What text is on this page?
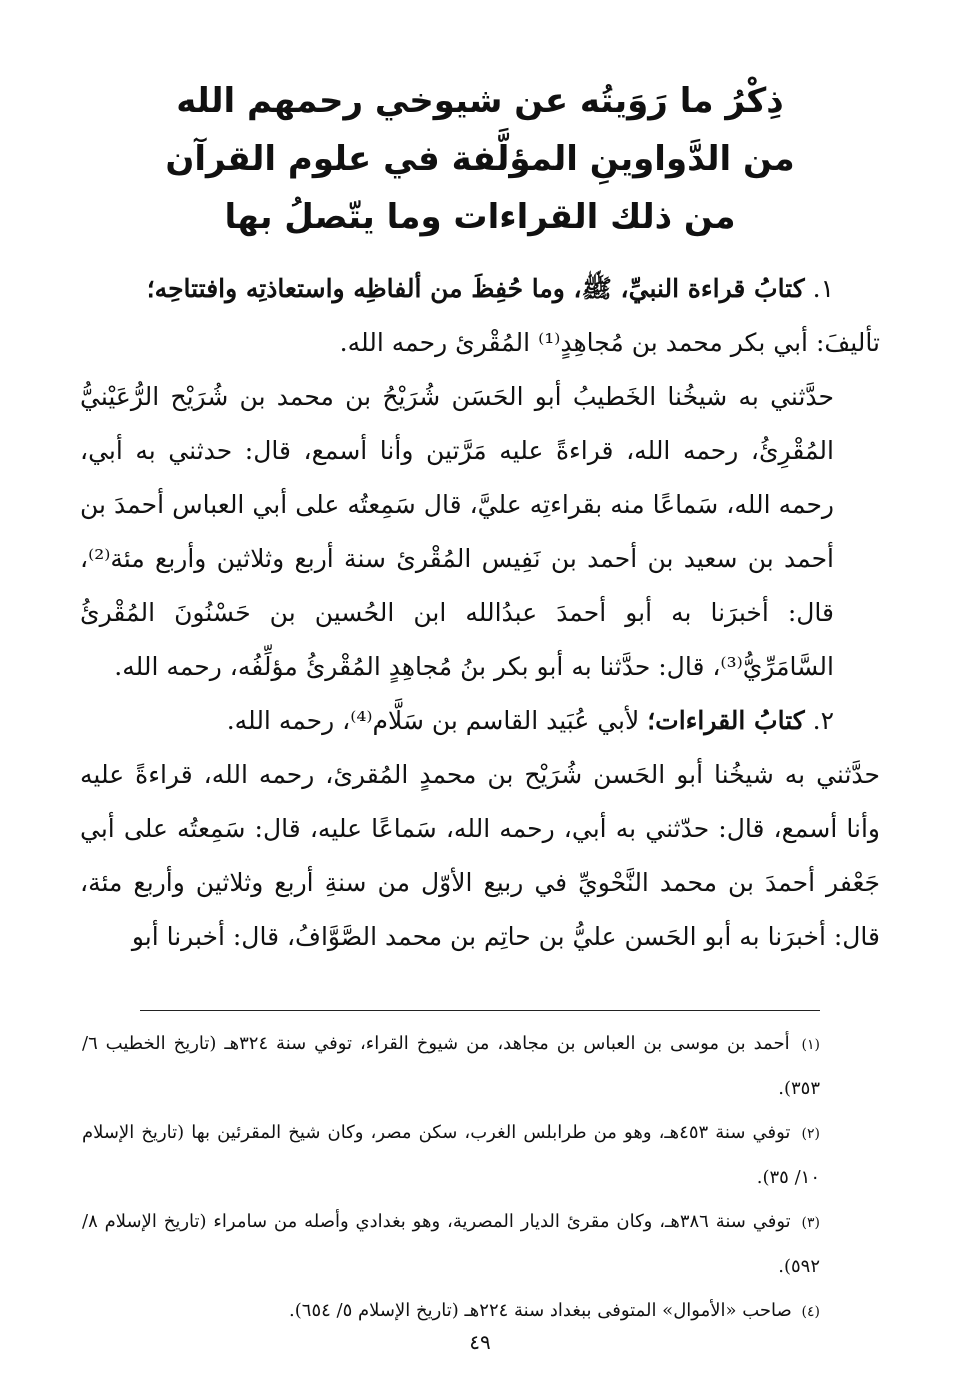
ذِكْرُ ما رَوَيتُه عن شيوخي رحمهم الله

من الدَّواوينِ المؤلَّفة في علوم القرآن

من ذلك القراءات وما يتّصلُ بها

١. كتابُ قراءة النبيِّ، ﷺ، وما حُفِظَ من ألفاظِه واستعاذتِه وافتتاحِه؛

تأليفَ: أبي بكر محمد بن مُجاهِدٍ⁽¹⁾ المُقْرئ رحمه الله.

حدَّثني به شيخُنا الخَطيبُ أبو الحَسَن شُرَيْحُ بن محمد بن شُرَيْح الرُّعَيْنيُّ المُقْرِئُ، رحمه الله، قراءةً عليه مَرَّتين وأنا أسمع، قال: حدثني به أبي، رحمه الله، سَماعًا منه بقراءتِه عليَّ، قال سَمِعتُه على أبي العباس أحمدَ بن أحمد بن سعيد بن أحمد بن نَفِيس المُقْرئ سنة أربع وثلاثين وأربع مئة⁽²⁾، قال: أخبرَنا به أبو أحمدَ عبدُالله ابن الحُسين بن حَسْنُونَ المُقْرئُ السَّامَرِّيُّ⁽³⁾، قال: حدَّثنا به أبو بكر بنُ مُجاهِدٍ المُقْرئُ مؤلِّفُه، رحمه الله.

٢. كتابُ القراءات؛ لأبي عُبَيد القاسم بن سَلَّام⁽⁴⁾، رحمه الله.

حدَّثني به شيخُنا أبو الحَسن شُرَيْح بن محمدٍ المُقرئ، رحمه الله، قراءةً عليه وأنا أسمع، قال: حدّثني به أبي، رحمه الله، سَماعًا عليه، قال: سَمِعتُه على أبي جَعْفر أحمدَ بن محمد النَّحْويِّ في ربيع الأوّل من سنةِ أربع وثلاثين وأربع مئة، قال: أخبرَنا به أبو الحَسن عليُّ بن حاتِم بن محمد الصَّوَّافُ، قال: أخبرنا أبو

(١) أحمد بن موسى بن العباس بن مجاهد، من شيوخ القراء، توفي سنة ٣٢٤هـ (تاريخ الخطيب ٦/ ٣٥٣).

(٢) توفي سنة ٤٥٣هـ، وهو من طرابلس الغرب، سكن مصر، وكان شيخ المقرئين بها (تاريخ الإسلام ١٠/ ٣٥).

(٣) توفي سنة ٣٨٦هـ، وكان مقرئ الديار المصرية، وهو بغدادي وأصله من سامراء (تاريخ الإسلام ٨/ ٥٩٢).

(٤) صاحب «الأموال» المتوفى ببغداد سنة ٢٢٤هـ (تاريخ الإسلام ٥/ ٦٥٤).

٤٩
